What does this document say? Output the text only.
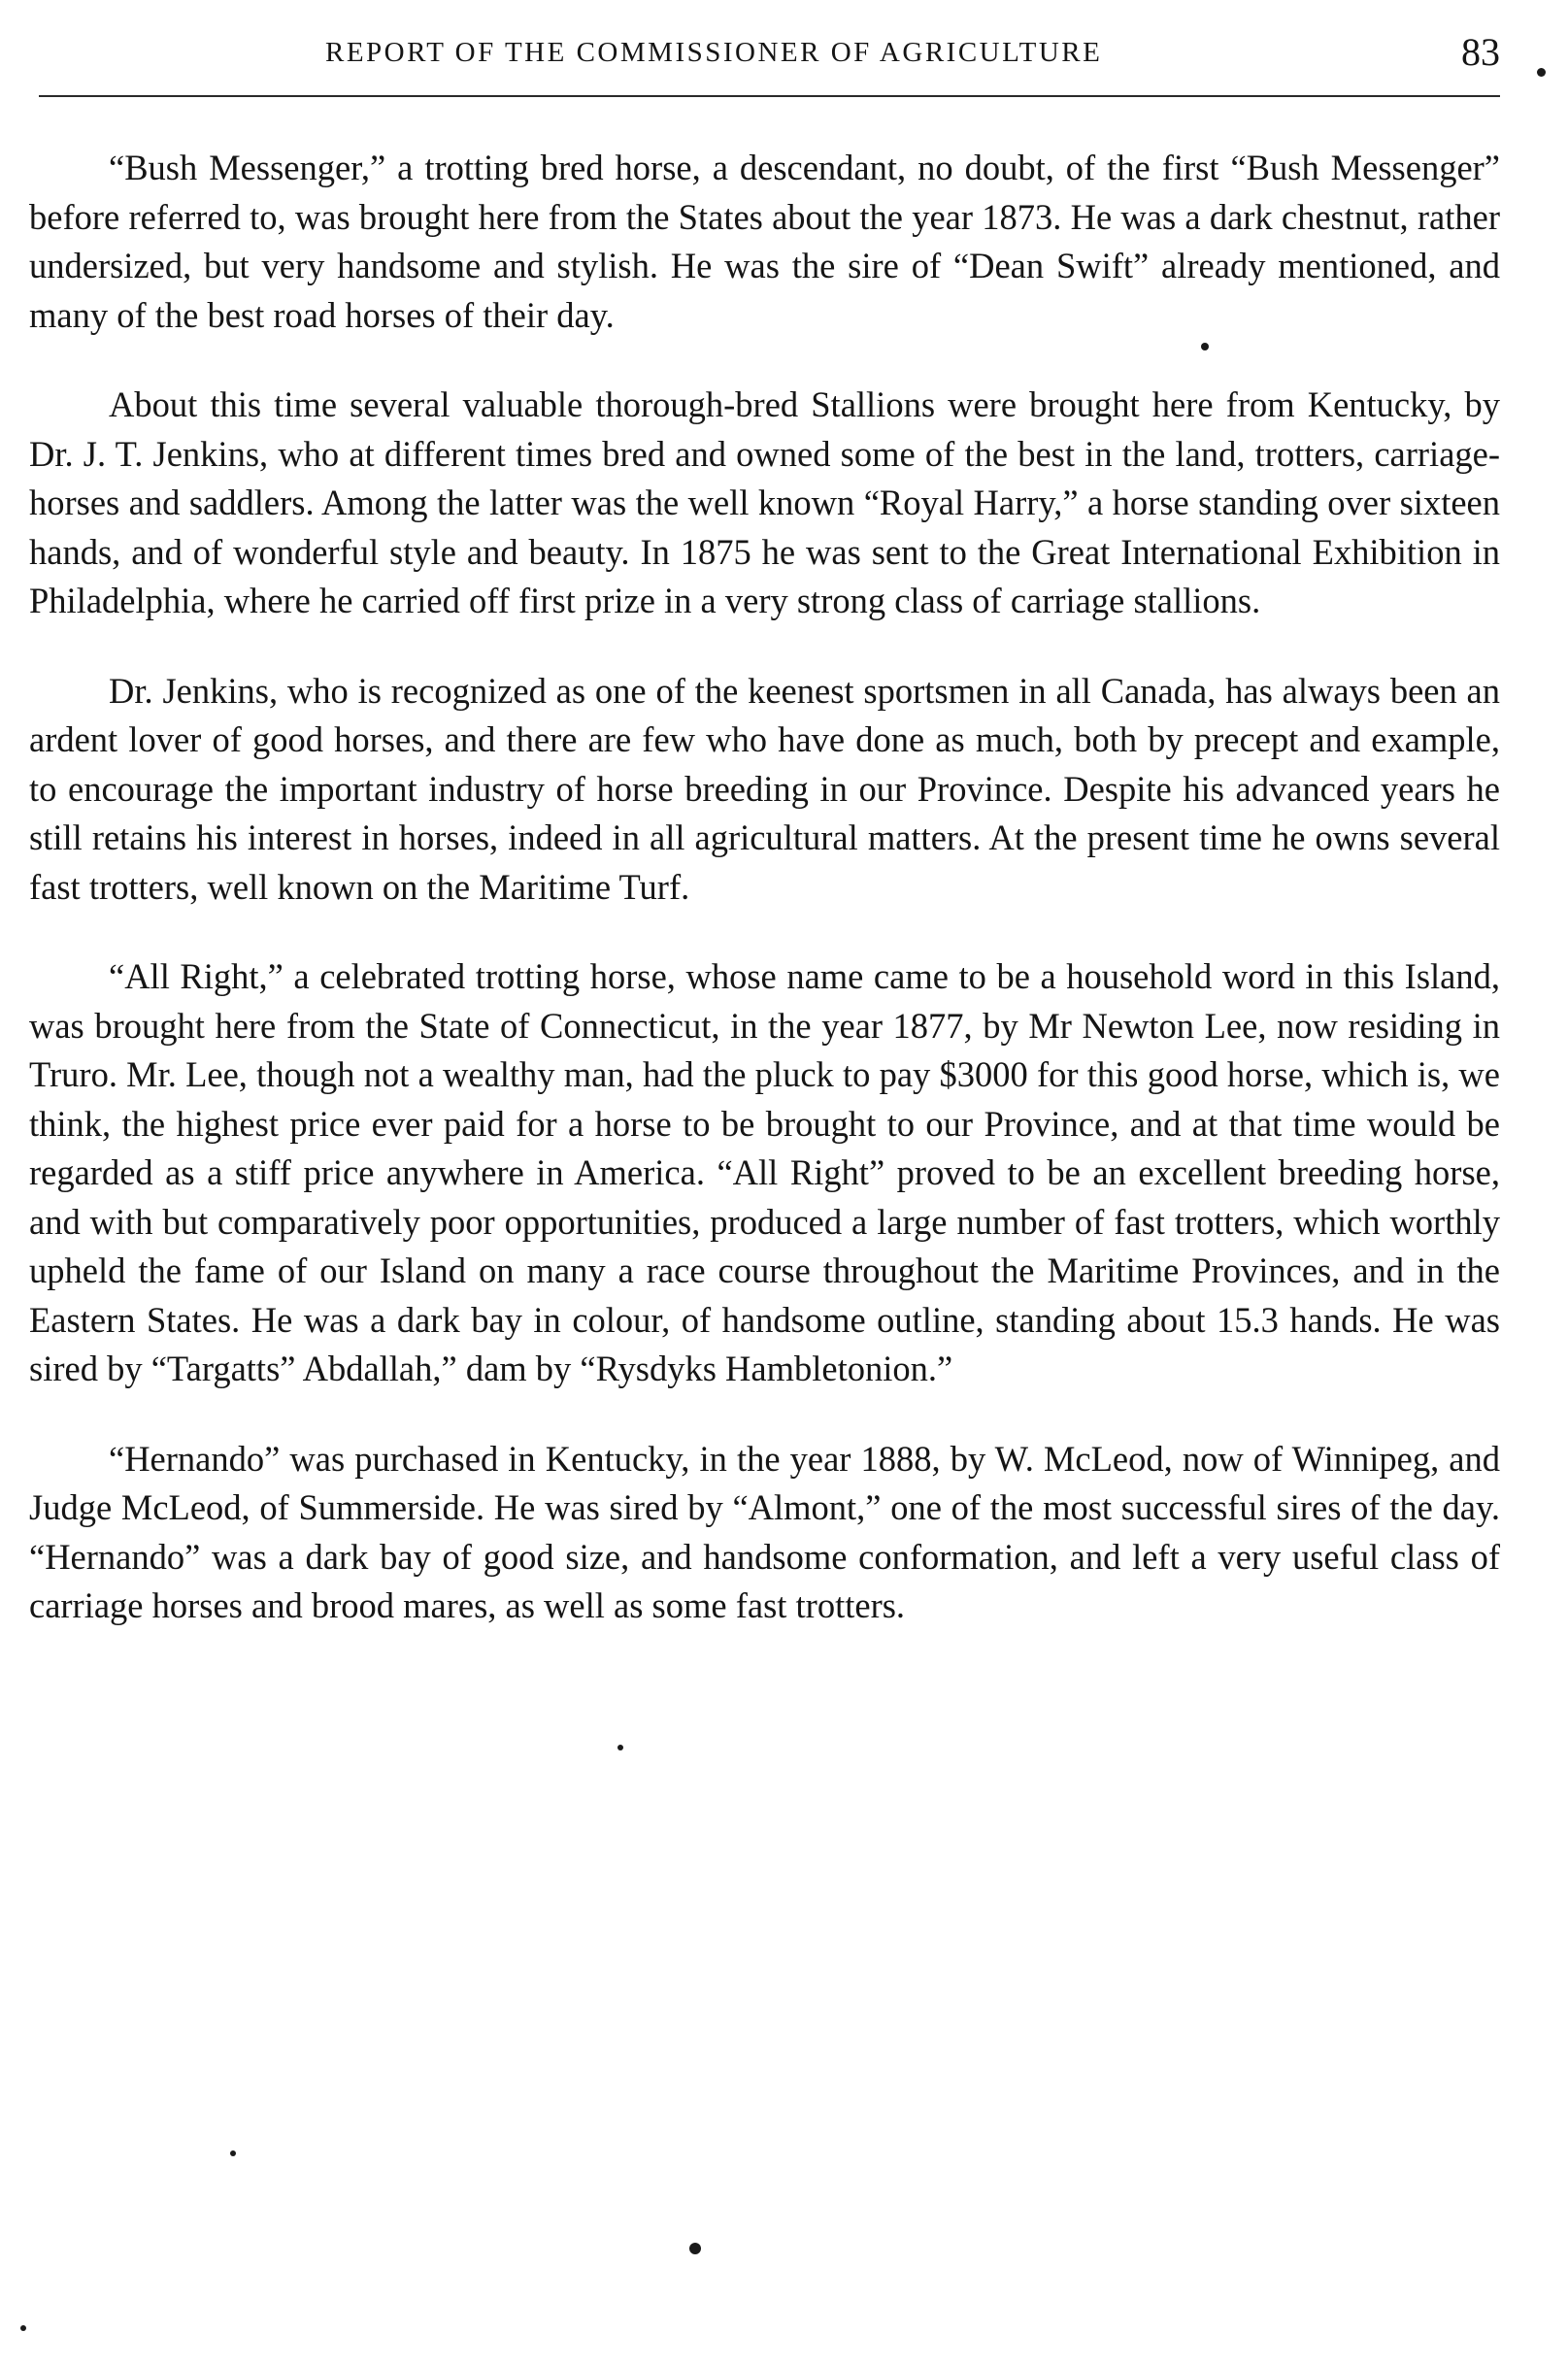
REPORT OF THE COMMISSIONER OF AGRICULTURE	83

“Bush Messenger,” a trotting bred horse, a descendant, no doubt, of the first “Bush Messenger” before referred to, was brought here from the States about the year 1873. He was a dark chestnut, rather undersized, but very handsome and stylish. He was the sire of “Dean Swift” already mentioned, and many of the best road horses of their day.

About this time several valuable thorough-bred Stallions were brought here from Kentucky, by Dr. J. T. Jenkins, who at different times bred and owned some of the best in the land, trotters, carriage-horses and saddlers. Among the latter was the well known “Royal Harry,” a horse standing over sixteen hands, and of wonderful style and beauty. In 1875 he was sent to the Great International Exhibition in Philadelphia, where he carried off first prize in a very strong class of carriage stallions.

Dr. Jenkins, who is recognized as one of the keenest sportsmen in all Canada, has always been an ardent lover of good horses, and there are few who have done as much, both by precept and example, to encourage the important industry of horse breeding in our Province. Despite his advanced years he still retains his interest in horses, indeed in all agricultural matters. At the present time he owns several fast trotters, well known on the Maritime Turf.

“All Right,” a celebrated trotting horse, whose name came to be a household word in this Island, was brought here from the State of Connecticut, in the year 1877, by Mr Newton Lee, now residing in Truro. Mr. Lee, though not a wealthy man, had the pluck to pay $3000 for this good horse, which is, we think, the highest price ever paid for a horse to be brought to our Province, and at that time would be regarded as a stiff price anywhere in America. “All Right” proved to be an excellent breeding horse, and with but comparatively poor opportunities, produced a large number of fast trotters, which worthly upheld the fame of our Island on many a race course throughout the Maritime Provinces, and in the Eastern States. He was a dark bay in colour, of handsome outline, standing about 15.3 hands. He was sired by “Targatts” Abdallah,” dam by “Rysdyks Hambletonion.”

“Hernando” was purchased in Kentucky, in the year 1888, by W. McLeod, now of Winnipeg, and Judge McLeod, of Summerside. He was sired by “Almont,” one of the most successful sires of the day. “Hernando” was a dark bay of good size, and handsome conformation, and left a very useful class of carriage horses and brood mares, as well as some fast trotters.
